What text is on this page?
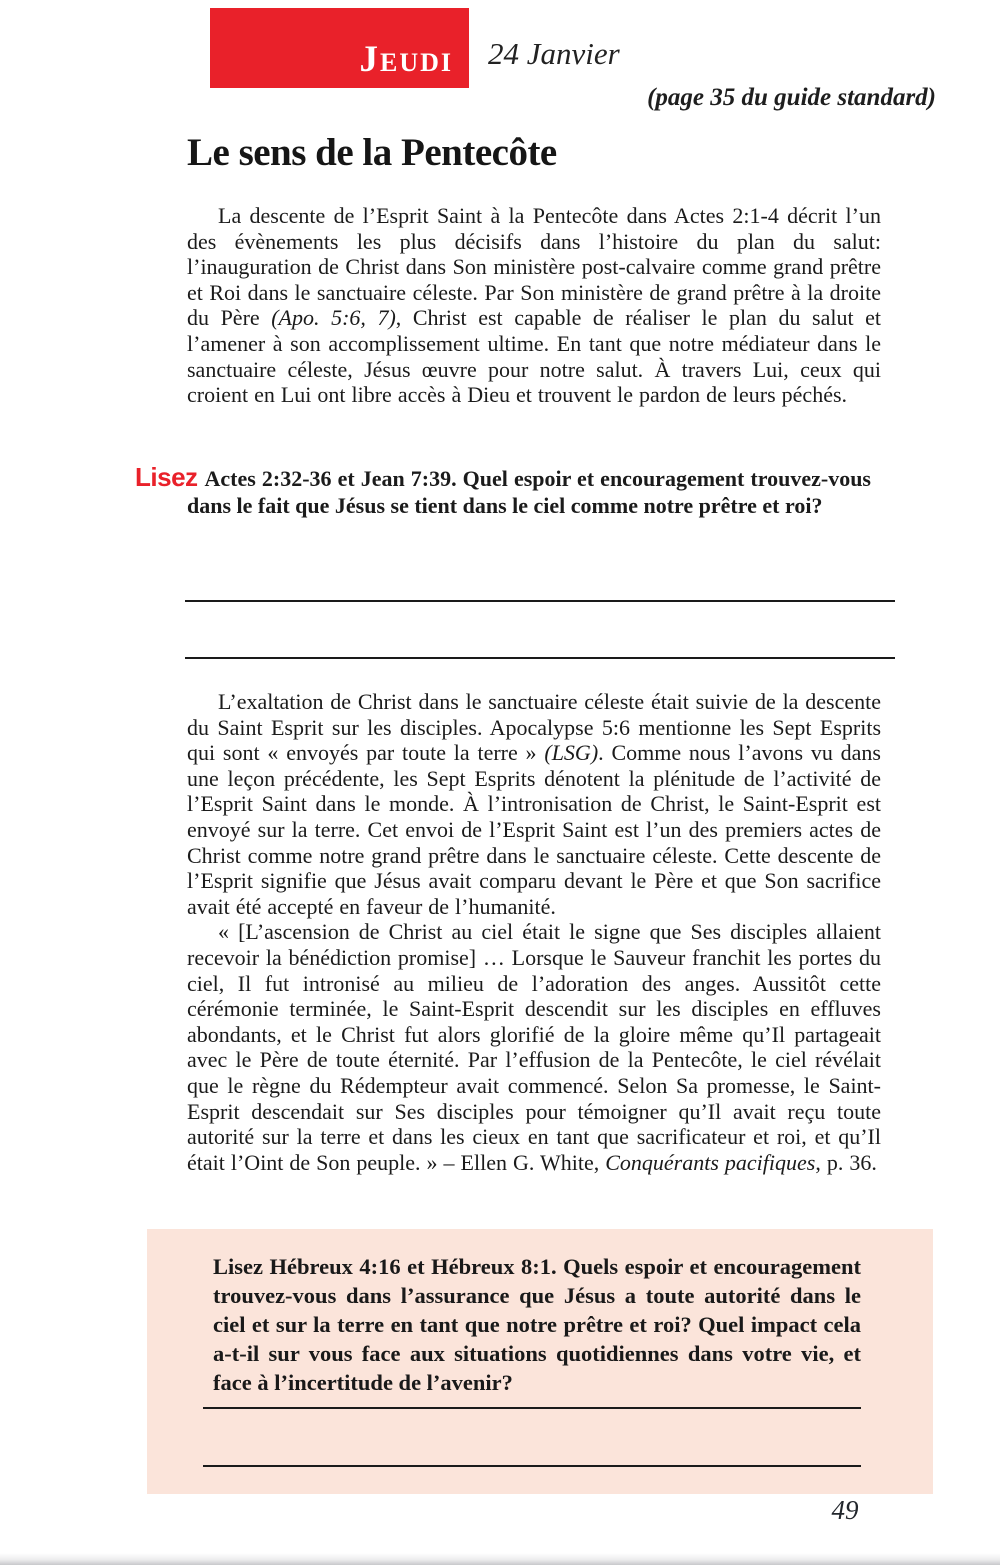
Jeudi 24 Janvier
(page 35 du guide standard)
Le sens de la Pentecôte

La descente de l’Esprit Saint à la Pentecôte dans Actes 2:1-4 décrit l’un des évènements les plus décisifs dans l’histoire du plan du salut: l’inauguration de Christ dans Son ministère post-calvaire comme grand prêtre et Roi dans le sanctuaire céleste. Par Son ministère de grand prêtre à la droite du Père (Apo. 5:6, 7), Christ est capable de réaliser le plan du salut et l’amener à son accomplissement ultime. En tant que notre médiateur dans le sanctuaire céleste, Jésus œuvre pour notre salut. À travers Lui, ceux qui croient en Lui ont libre accès à Dieu et trouvent le pardon de leurs péchés.

Lisez Actes 2:32-36 et Jean 7:39. Quel espoir et encouragement trouvez-vous dans le fait que Jésus se tient dans le ciel comme notre prêtre et roi?

L’exaltation de Christ dans le sanctuaire céleste était suivie de la descente du Saint Esprit sur les disciples. Apocalypse 5:6 mentionne les Sept Esprits qui sont « envoyés par toute la terre » (LSG). Comme nous l’avons vu dans une leçon précédente, les Sept Esprits dénotent la plénitude de l’activité de l’Esprit Saint dans le monde. À l’intronisation de Christ, le Saint-Esprit est envoyé sur la terre. Cet envoi de l’Esprit Saint est l’un des premiers actes de Christ comme notre grand prêtre dans le sanctuaire céleste. Cette descente de l’Esprit signifie que Jésus avait comparu devant le Père et que Son sacrifice avait été accepté en faveur de l’humanité.

« [L’ascension de Christ au ciel était le signe que Ses disciples allaient recevoir la bénédiction promise] … Lorsque le Sauveur franchit les portes du ciel, Il fut intronisé au milieu de l’adoration des anges. Aussitôt cette cérémonie terminée, le Saint-Esprit descendit sur les disciples en effluves abondants, et le Christ fut alors glorifié de la gloire même qu’Il partageait avec le Père de toute éternité. Par l’effusion de la Pentecôte, le ciel révélait que le règne du Rédempteur avait commencé. Selon Sa promesse, le Saint-Esprit descendait sur Ses disciples pour témoigner qu’Il avait reçu toute autorité sur la terre et dans les cieux en tant que sacrificateur et roi, et qu’Il était l’Oint de Son peuple. » – Ellen G. White, Conquérants pacifiques, p. 36.

Lisez Hébreux 4:16 et Hébreux 8:1. Quels espoir et encouragement trouvez-vous dans l’assurance que Jésus a toute autorité dans le ciel et sur la terre en tant que notre prêtre et roi? Quel impact cela a-t-il sur vous face aux situations quotidiennes dans votre vie, et face à l’incertitude de l’avenir?

49
